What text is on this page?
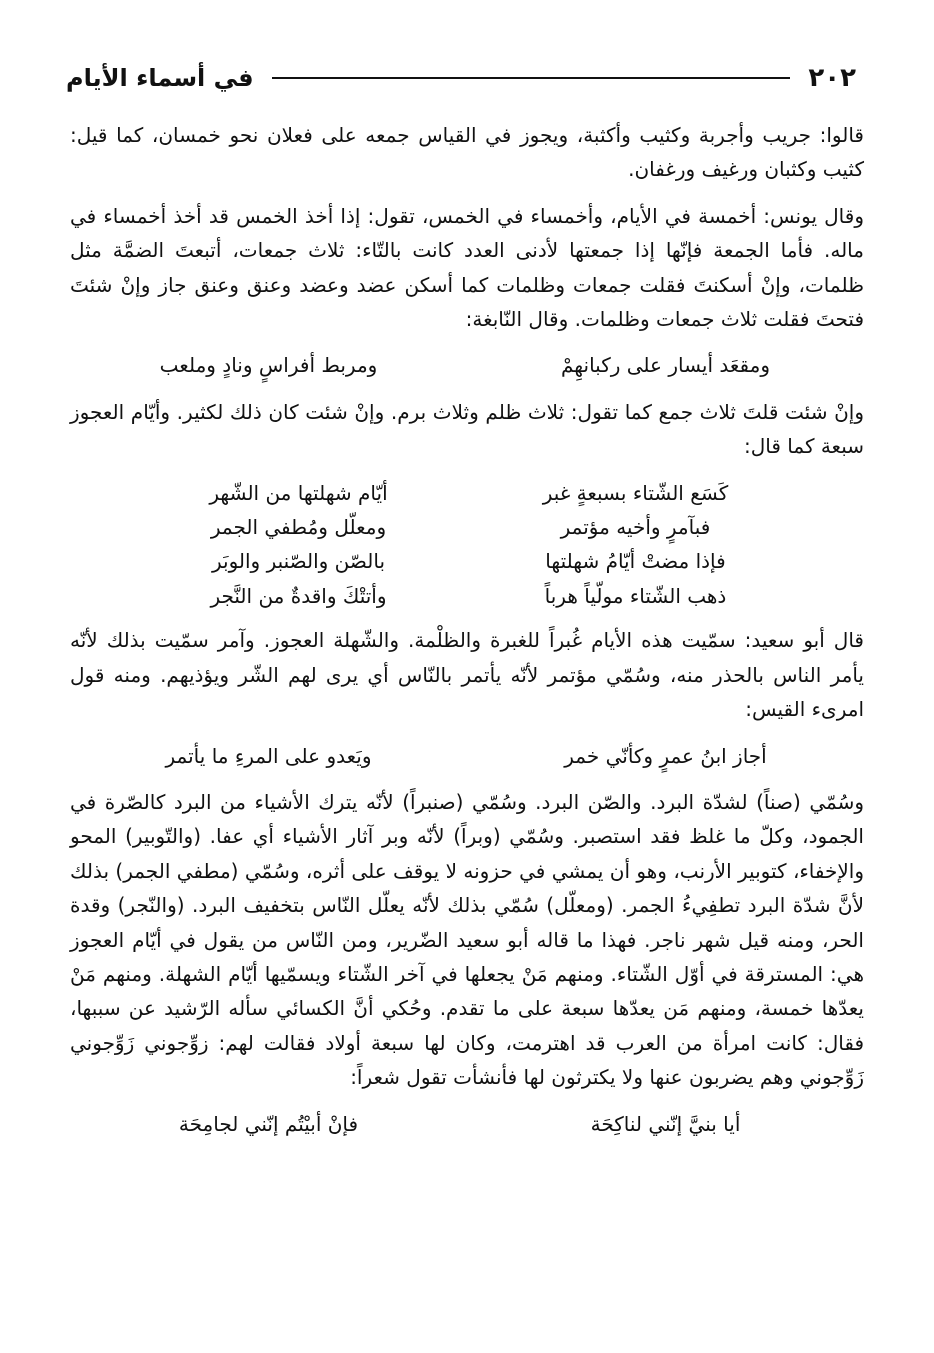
٢٠٢
في أسماء الأيام

قالوا: جريب وأجربة وكثيب وأكثبة، ويجوز في القياس جمعه على فعلان نحو خمسان، كما قيل: كثيب وكثبان ورغيف ورغفان.

وقال يونس: أخمسة في الأيام، وأخمساء في الخمس، تقول: إذا أخذ الخمس قد أخذ أخمساء في ماله. فأما الجمعة فإنّها إذا جمعتها لأدنى العدد كانت بالتّاء: ثلاث جمعات، أتبعتَ الضمَّة مثل ظلمات، وإنْ أسكنتَ فقلت جمعات وظلمات كما أسكن عضد وعضد وعنق وعنق جاز وإنْ شئتَ فتحتَ فقلت ثلاث جمعات وظلمات. وقال النّابغة:

ومقعَد أيسار على ركبانهِمْ
ومربط أفراسٍ ونادٍ وملعب

وإنْ شئت قلتَ ثلاث جمع كما تقول: ثلاث ظلم وثلاث برم. وإنْ شئت كان ذلك لكثير. وأيّام العجوز سبعة كما قال:

كَسَع الشّتاء بسبعةٍ غبر
أيّام شهلتها من الشّهر
فبآمرٍ وأخيه مؤتمر
ومعلّل ومُطفي الجمر
فإذا مضتْ أيّامُ شهلتها
بالصّن والصّنبر والوبَر
ذهب الشّتاء مولّياً هرباً
وأتتْكَ واقدةٌ من النَّجر

قال أبو سعيد: سمّيت هذه الأيام غُبراً للغبرة والظلْمة. والشّهلة العجوز. وآمر سمّيت بذلك لأنّه يأمر الناس بالحذر منه، وسُمّي مؤتمر لأنّه يأتمر بالنّاس أي يرى لهم الشّر ويؤذيهم. ومنه قول امرىء القيس:

أجاز ابنُ عمرٍ وكأنّي خمر
ويَعدو على المرءِ ما يأتمر

وسُمّي (صناً) لشدّة البرد. والصّن البرد. وسُمّي (صنبراً) لأنّه يترك الأشياء من البرد كالصّرة في الجمود، وكلّ ما غلظ فقد استصبر. وسُمّي (وبراً) لأنّه وبر آثار الأشياء أي عفا. (والتّوبير) المحو والإخفاء، كتوبير الأرنب، وهو أن يمشي في حزونه لا يوقف على أثره، وسُمّي (مطفي الجمر) بذلك لأنَّ شدّة البرد تطفِيءُ الجمر. (ومعلّل) سُمّي بذلك لأنّه يعلّل النّاس بتخفيف البرد. (والنّجر) وقدة الحر، ومنه قيل شهر ناجر. فهذا ما قاله أبو سعيد الضّرير، ومن النّاس من يقول في أيّام العجوز هي: المسترقة في أوّل الشّتاء. ومنهم مَنْ يجعلها في آخر الشّتاء ويسمّيها أيّام الشهلة. ومنهم مَنْ يعدّها خمسة، ومنهم مَن يعدّها سبعة على ما تقدم. وحُكي أنَّ الكسائي سأله الرّشيد عن سببها، فقال: كانت امرأة من العرب قد اهترمت، وكان لها سبعة أولاد فقالت لهم: زوِّجوني زَوِّجوني زَوِّجوني وهم يضربون عنها ولا يكترثون لها فأنشأت تقول شعراً:

أيا بنيَّ إنّني لناكِحَة
فإنْ أبيْتُم إنّني لجامِحَة
